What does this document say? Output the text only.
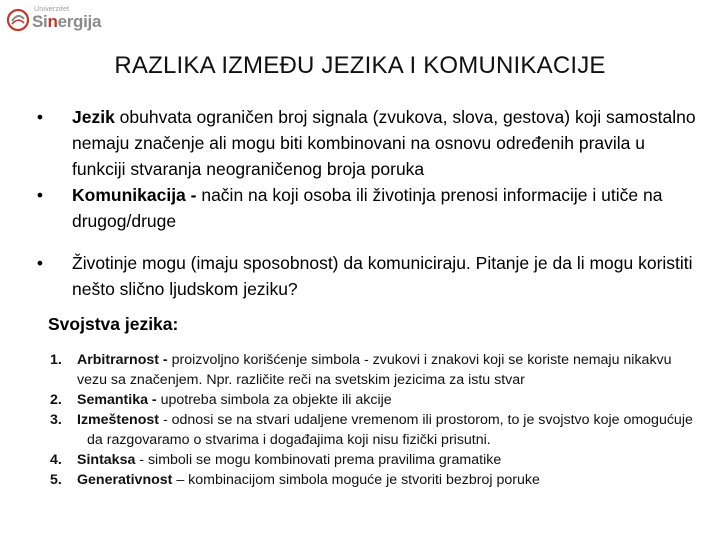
Univerzitet
Sinergija
RAZLIKA IZMEĐU JEZIKA I KOMUNIKACIJE
•	Jezik obuhvata ograničen broj signala (zvukova, slova, gestova) koji samostalno nemaju značenje ali mogu biti kombinovani na osnovu određenih pravila u funkciji stvaranja neograničenog broja poruka
•	Komunikacija - način na koji osoba ili životinja prenosi informacije i utiče na drugog/druge
•	Životinje mogu (imaju sposobnost) da komuniciraju. Pitanje je da li mogu koristiti nešto slično ljudskom jeziku?
Svojstva jezika:
1. Arbitrarnost - proizvoljno korišćenje simbola - zvukovi i znakovi koji se koriste nemaju nikakvu vezu sa značenjem. Npr. različite reči na svetskim jezicima za istu stvar
2. Semantika - upotreba simbola za objekte ili akcije
3. Izmeštenost - odnosi se na stvari udaljene vremenom ili prostorom, to je svojstvo koje omogućujeda razgovaramo o stvarima i događajima koji nisu fizički prisutni.
4. Sintaksa - simboli se mogu kombinovati prema pravilima gramatike
5. Generativnost – kombinacijom simbola moguće je stvoriti bezbroj poruke
